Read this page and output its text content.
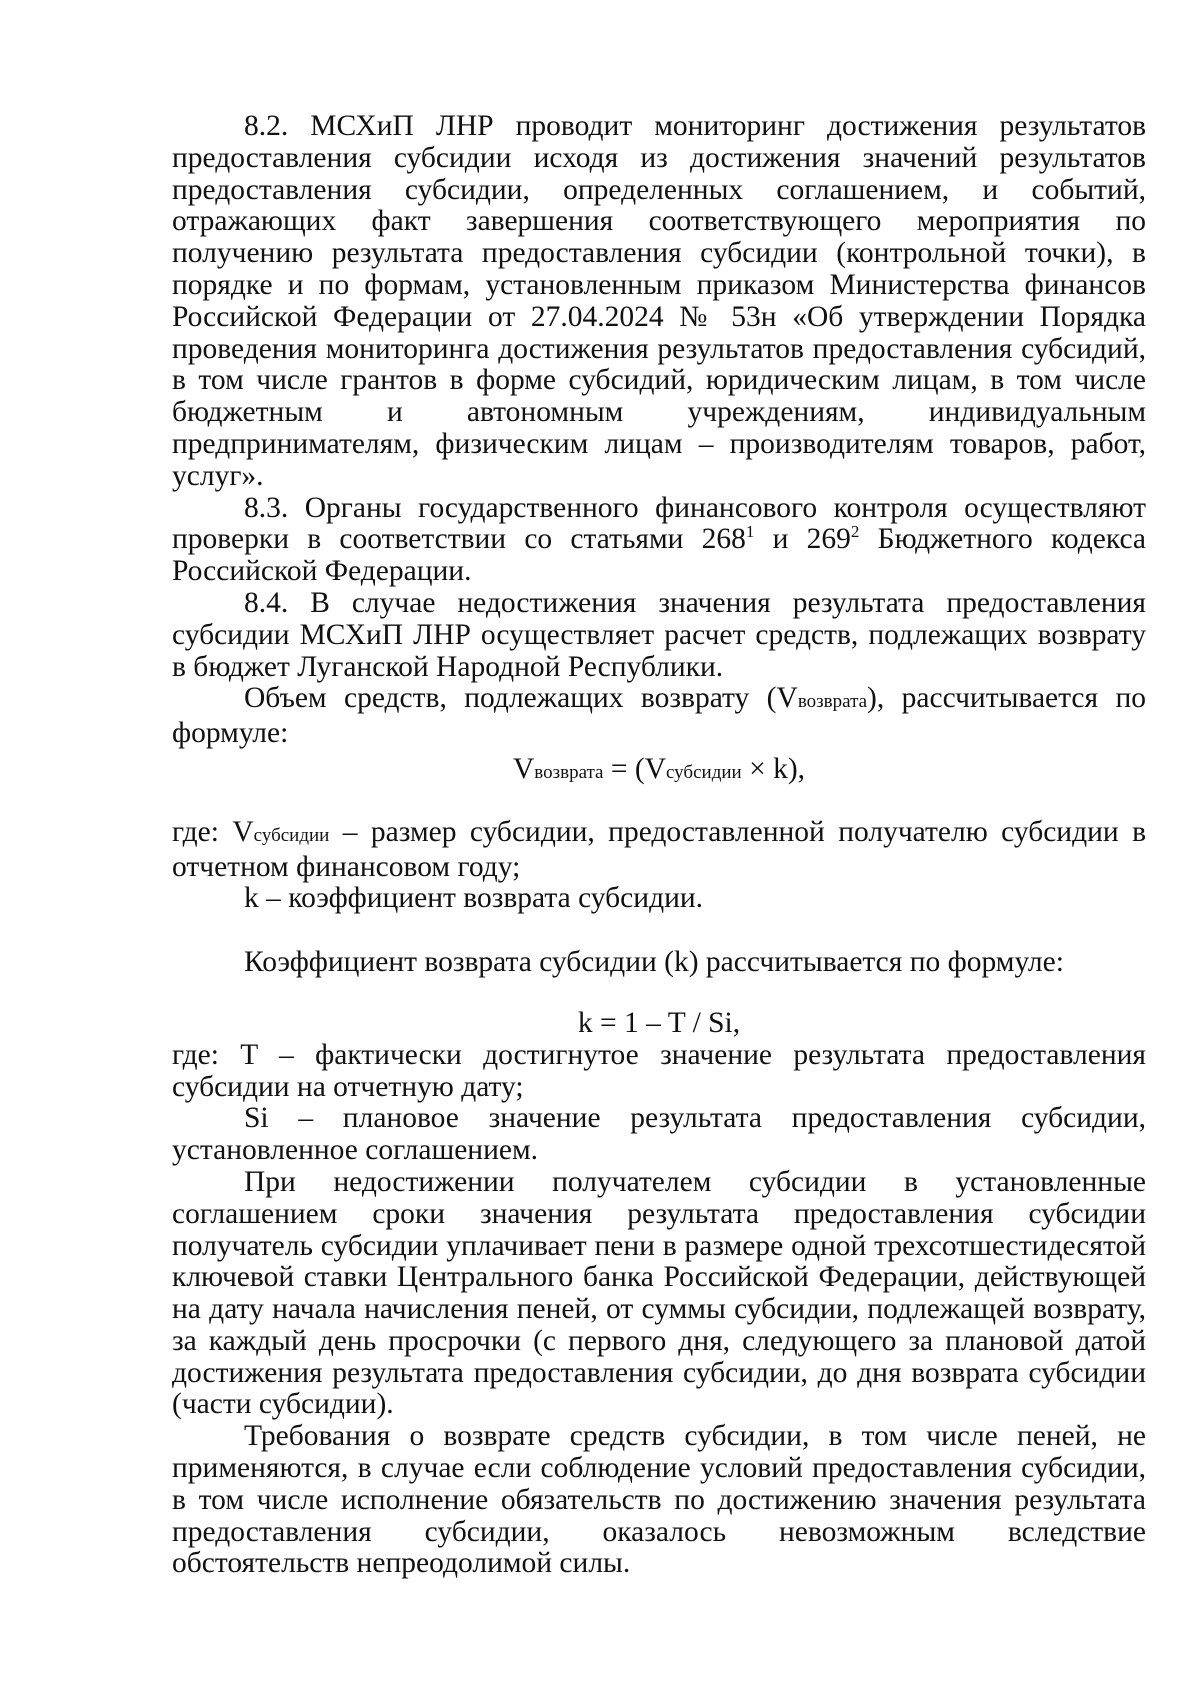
8.2. МСХиП ЛНР проводит мониторинг достижения результатов предоставления субсидии исходя из достижения значений результатов предоставления субсидии, определенных соглашением, и событий, отражающих факт завершения соответствующего мероприятия по получению результата предоставления субсидии (контрольной точки), в порядке и по формам, установленным приказом Министерства финансов Российской Федерации от 27.04.2024 № 53н «Об утверждении Порядка проведения мониторинга достижения результатов предоставления субсидий, в том числе грантов в форме субсидий, юридическим лицам, в том числе бюджетным и автономным учреждениям, индивидуальным предпринимателям, физическим лицам – производителям товаров, работ, услуг».

8.3. Органы государственного финансового контроля осуществляют проверки в соответствии со статьями $268^1$ и $269^2$ Бюджетного кодекса Российской Федерации.

8.4. В случае недостижения значения результата предоставления субсидии МСХиП ЛНР осуществляет расчет средств, подлежащих возврату в бюджет Луганской Народной Республики.

Объем средств, подлежащих возврату (Vвозврата), рассчитывается по формуле:

Vвозврата = (Vсубсидии × k),

где: Vсубсидии – размер субсидии, предоставленной получателю субсидии в отчетном финансовом году;

k – коэффициент возврата субсидии.

Коэффициент возврата субсидии (k) рассчитывается по формуле:

k = 1 – T / Si,

где: T – фактически достигнутое значение результата предоставления субсидии на отчетную дату;

Si – плановое значение результата предоставления субсидии, установленное соглашением.

При недостижении получателем субсидии в установленные соглашением сроки значения результата предоставления субсидии получатель субсидии уплачивает пени в размере одной трехсотшестидесятой ключевой ставки Центрального банка Российской Федерации, действующей на дату начала начисления пеней, от суммы субсидии, подлежащей возврату, за каждый день просрочки (с первого дня, следующего за плановой датой достижения результата предоставления субсидии, до дня возврата субсидии (части субсидии).

Требования о возврате средств субсидии, в том числе пеней, не применяются, в случае если соблюдение условий предоставления субсидии, в том числе исполнение обязательств по достижению значения результата предоставления субсидии, оказалось невозможным вследствие обстоятельств непреодолимой силы.
